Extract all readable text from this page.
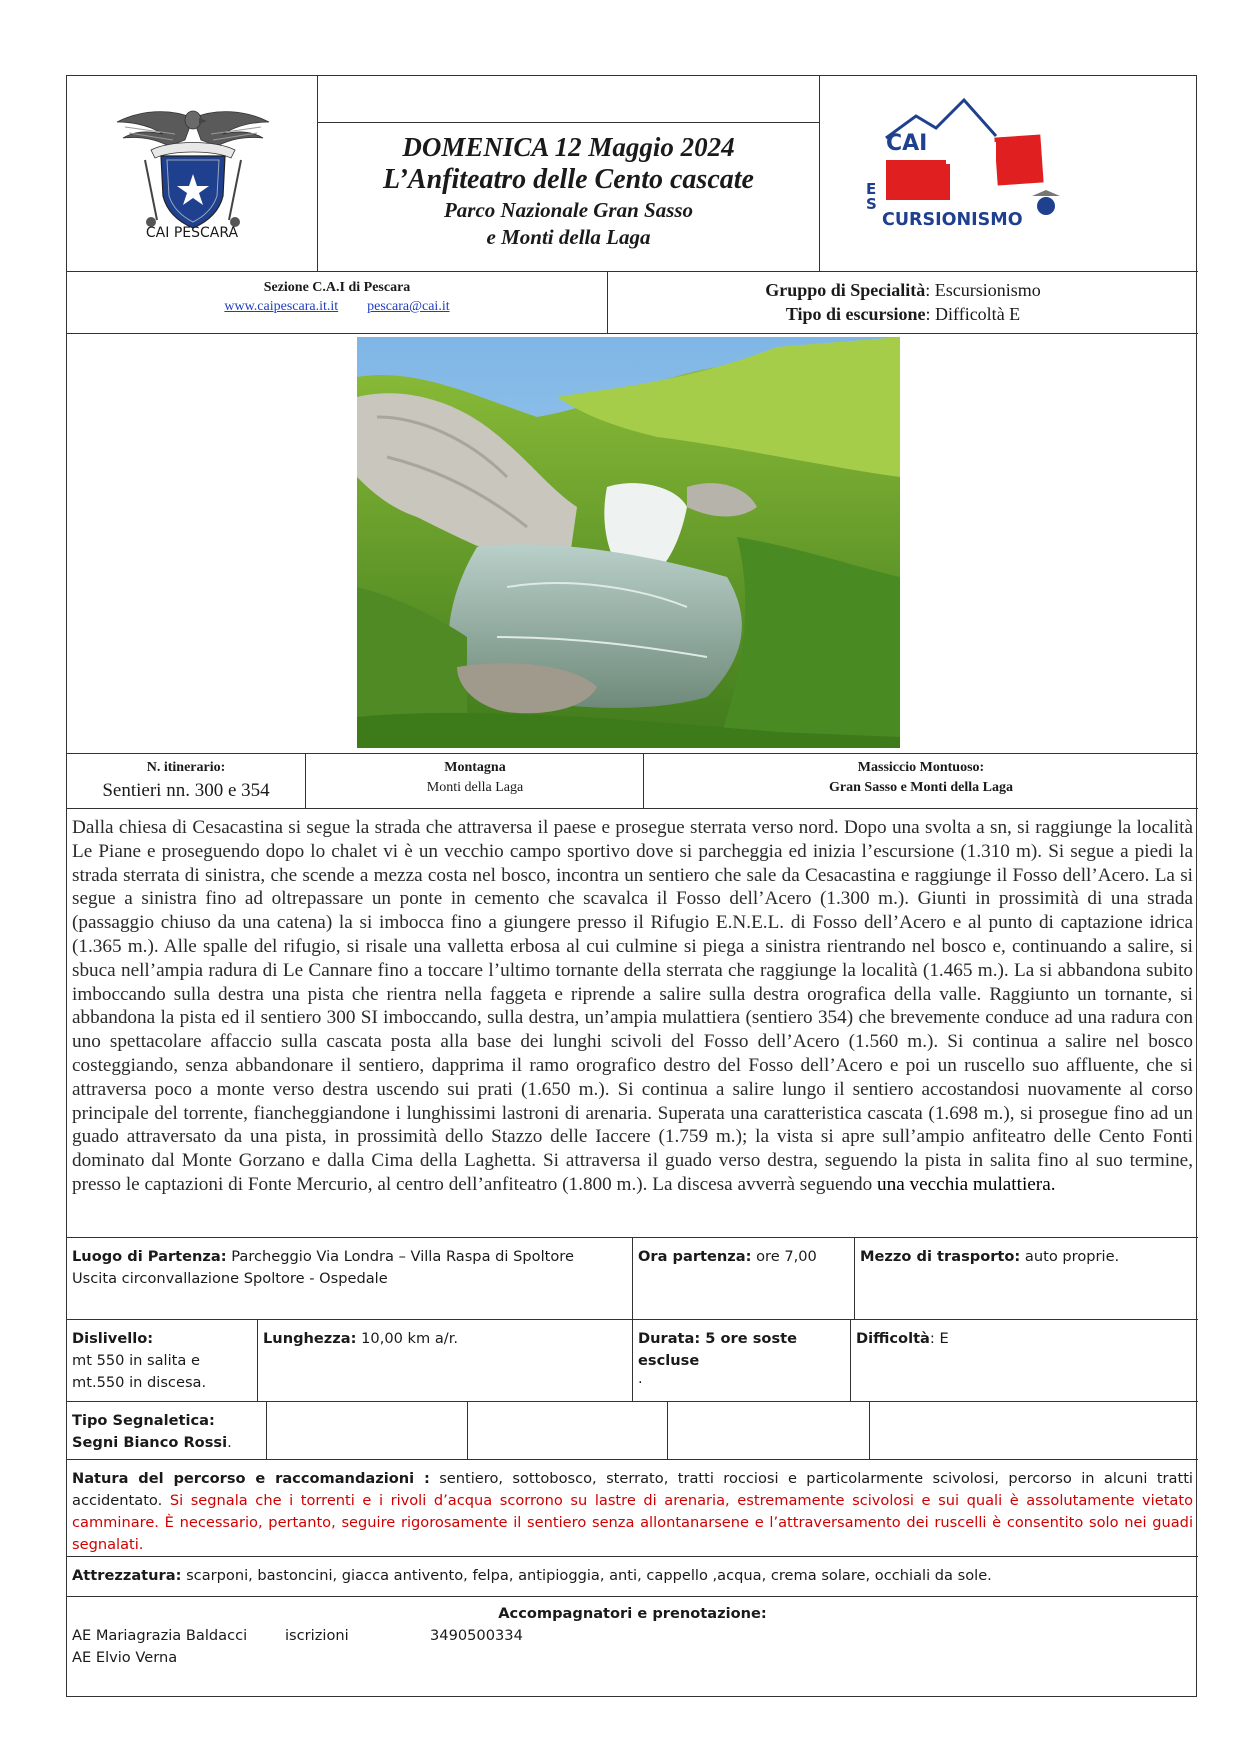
CAI PESCARA
DOMENICA 12 Maggio 2024
L’Anfiteatro delle Cento cascate
Parco Nazionale Gran Sasso
e Monti della Laga
CAI
ES
CURSIONISMO
Sezione C.A.I di Pescara
www.caipescara.it.it pescara@cai.it
Gruppo di Specialità: Escursionismo
Tipo di escursione: Difficoltà E
N. itinerario:
Sentieri nn. 300 e 354
Montagna
Monti della Laga
Massiccio Montuoso:
Gran Sasso e Monti della Laga

Dalla chiesa di Cesacastina si segue la strada che attraversa il paese e prosegue sterrata verso nord. Dopo una svolta a sn, si raggiunge la località Le Piane e proseguendo dopo lo chalet vi è un vecchio campo sportivo dove si parcheggia ed inizia l’escursione (1.310 m). Si segue a piedi la strada sterrata di sinistra, che scende a mezza costa nel bosco, incontra un sentiero che sale da Cesacastina e raggiunge il Fosso dell’Acero. La si segue a sinistra fino ad oltrepassare un ponte in cemento che scavalca il Fosso dell’Acero (1.300 m.). Giunti in prossimità di una strada (passaggio chiuso da una catena) la si imbocca fino a giungere presso il Rifugio E.N.E.L. di Fosso dell’Acero e al punto di captazione idrica (1.365 m.). Alle spalle del rifugio, si risale una valletta erbosa al cui culmine si piega a sinistra rientrando nel bosco e, continuando a salire, si sbuca nell’ampia radura di Le Cannare fino a toccare l’ultimo tornante della sterrata che raggiunge la località (1.465 m.). La si abbandona subito imboccando sulla destra una pista che rientra nella faggeta e riprende a salire sulla destra orografica della valle. Raggiunto un tornante, si abbandona la pista ed il sentiero 300 SI imboccando, sulla destra, un’ampia mulattiera (sentiero 354) che brevemente conduce ad una radura con uno spettacolare affaccio sulla cascata posta alla base dei lunghi scivoli del Fosso dell’Acero (1.560 m.). Si continua a salire nel bosco costeggiando, senza abbandonare il sentiero, dapprima il ramo orografico destro del Fosso dell’Acero e poi un ruscello suo affluente, che si attraversa poco a monte verso destra uscendo sui prati (1.650 m.). Si continua a salire lungo il sentiero accostandosi nuovamente al corso principale del torrente, fiancheggiandone i lunghissimi lastroni di arenaria. Superata una caratteristica cascata (1.698 m.), si prosegue fino ad un guado attraversato da una pista, in prossimità dello Stazzo delle Iaccere (1.759 m.); la vista si apre sull’ampio anfiteatro delle Cento Fonti dominato dal Monte Gorzano e dalla Cima della Laghetta. Si attraversa il guado verso destra, seguendo la pista in salita fino al suo termine, presso le captazioni di Fonte Mercurio, al centro dell’anfiteatro (1.800 m.). La discesa avverrà seguendo una vecchia mulattiera.

Luogo di Partenza: Parcheggio Via Londra – Villa Raspa di Spoltore
Uscita circonvallazione Spoltore - Ospedale
Ora partenza: ore 7,00	Mezzo di trasporto: auto proprie.
Dislivello:
mt 550 in salita e
mt.550 in discesa.
Lunghezza: 10,00 km a/r.	Durata: 5 ore soste
escluse
.
Difficoltà: E
Tipo Segnaletica:
Segni Bianco Rossi.

Natura del percorso e raccomandazioni : sentiero, sottobosco, sterrato, tratti rocciosi e particolarmente scivolosi, percorso in alcuni tratti accidentato. Si segnala che i torrenti e i rivoli d’acqua scorrono su lastre di arenaria, estremamente scivolosi e sui quali è assolutamente vietato camminare. È necessario, pertanto, seguire rigorosamente il sentiero senza allontanarsene e l’attraversamento dei ruscelli è consentito solo nei guadi segnalati.

Attrezzatura: scarponi, bastoncini, giacca antivento, felpa, antipioggia, anti, cappello ,acqua, crema solare, occhiali da sole.
Accompagnatori e prenotazione:
AE Mariagrazia Baldacci	iscrizioni	3490500334
AE Elvio Verna
